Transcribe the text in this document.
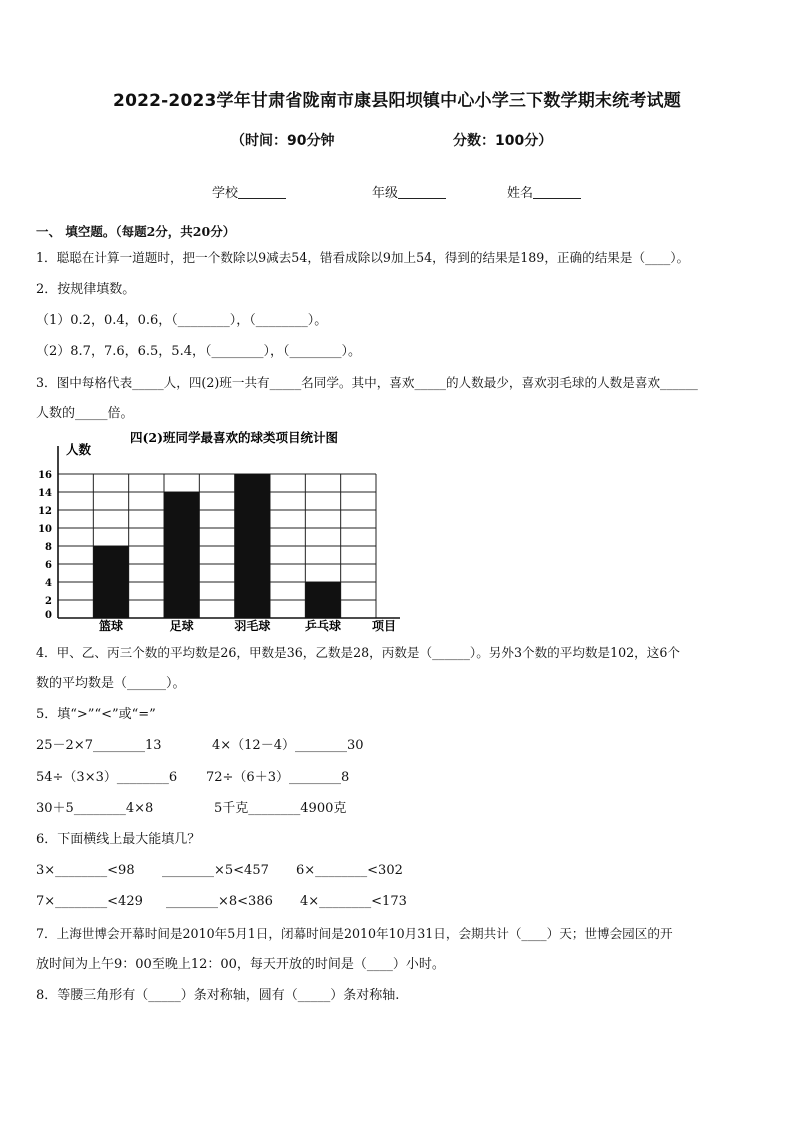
2022-2023学年甘肃省陇南市康县阳坝镇中心小学三下数学期末统考试题
（时间：90分钟	分数：100分）
学校	年级	姓名
一、 填空题。（每题2分，共20分）
1．聪聪在计算一道题时，把一个数除以9减去54，错看成除以9加上54，得到的结果是189，正确的结果是（____）。
2．按规律填数。
（1）0.2，0.4，0.6，（________），（________）。
（2）8.7，7.6，6.5，5.4，（________），（________）。
3．图中每格代表_____人，四(2)班一共有_____名同学。其中，喜欢_____的人数最少，喜欢羽毛球的人数是喜欢______
人数的_____倍。
0
2
4
6
8
10
12
14
16
篮球	足球	羽毛球	乒乓球
四(2)班同学最喜欢的球类项目统计图
人数
项目
4．甲、乙、丙三个数的平均数是26，甲数是36，乙数是28，丙数是（______）。另外3个数的平均数是102，这6个
数的平均数是（______）。
5．填“>”“<”或“=”
25－2×7________13	4×（12－4）________30
54÷（3×3）________6 72÷（6＋3）________8
30＋5________4×8	5千克________4900克
6．下面横线上最大能填几？
3×________<98 ________×5<457 6×________<302
7×________<429 ________×8<386 4×________<173
7．上海世博会开幕时间是2010年5月1日，闭幕时间是2010年10月31日，会期共计（____）天；世博会园区的开
放时间为上午9：00至晚上12：00，每天开放的时间是（____）小时。
8．等腰三角形有（_____）条对称轴，圆有（_____）条对称轴.
